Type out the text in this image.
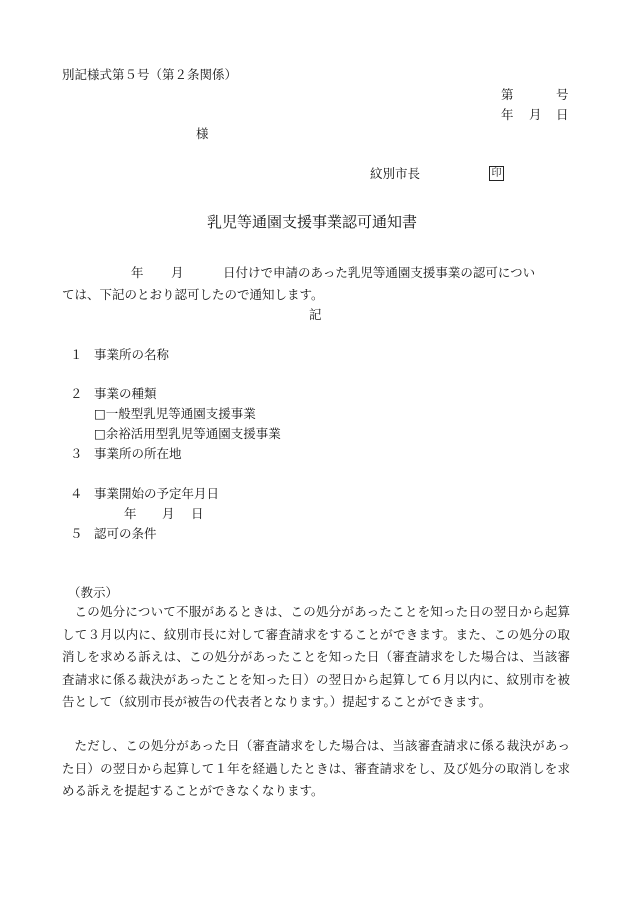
別記様式第５号（第２条関係）
第	号
年 月 日
様
紋別市長	印
乳児等通園支援事業認可通知書
年 月	日付けで申請のあった乳児等通園支援事業の認可につい
ては、下記のとおり認可したので通知します。
記
１ 事業所の名称
２ 事業の種類
□一般型乳児等通園支援事業
□余裕活用型乳児等通園支援事業
３ 事業所の所在地
４ 事業開始の予定年月日
年 月 日
５ 認可の条件
（教示）
この処分について不服があるときは、この処分があったことを知った日の翌日から起算して３月以内に、紋別市長に対して審査請求をすることができます。また、この処分の取消しを求める訴えは、この処分があったことを知った日（審査請求をした場合は、当該審査請求に係る裁決があったことを知った日）の翌日から起算して６月以内に、紋別市を被告として（紋別市長が被告の代表者となります。）提起することができます。
ただし、この処分があった日（審査請求をした場合は、当該審査請求に係る裁決があった日）の翌日から起算して１年を経過したときは、審査請求をし、及び処分の取消しを求める訴えを提起することができなくなります。
